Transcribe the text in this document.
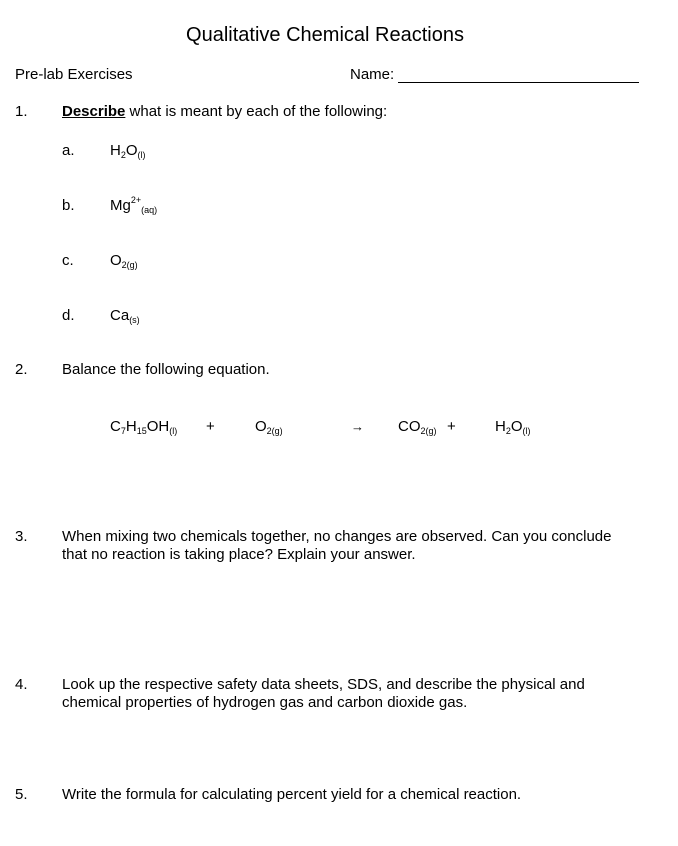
Qualitative Chemical Reactions
Pre-lab Exercises	Name:
1. Describe what is meant by each of the following:
a. $H_2O_{(l)}$
b. $Mg^{2+}_{(aq)}$
c. $O_{2(g)}$
d. $Ca_{(s)}$
2. Balance the following equation.
$C_7H_{15}OH_{(l)}$ +	$O_{2(g)}$	→ $CO_{2(g)}$ +	$H_2O_{(l)}$
3. When mixing two chemicals together, no changes are observed. Can you conclude that no reaction is taking place? Explain your answer.
4. Look up the respective safety data sheets, SDS, and describe the physical and chemical properties of hydrogen gas and carbon dioxide gas.
5. Write the formula for calculating percent yield for a chemical reaction.
